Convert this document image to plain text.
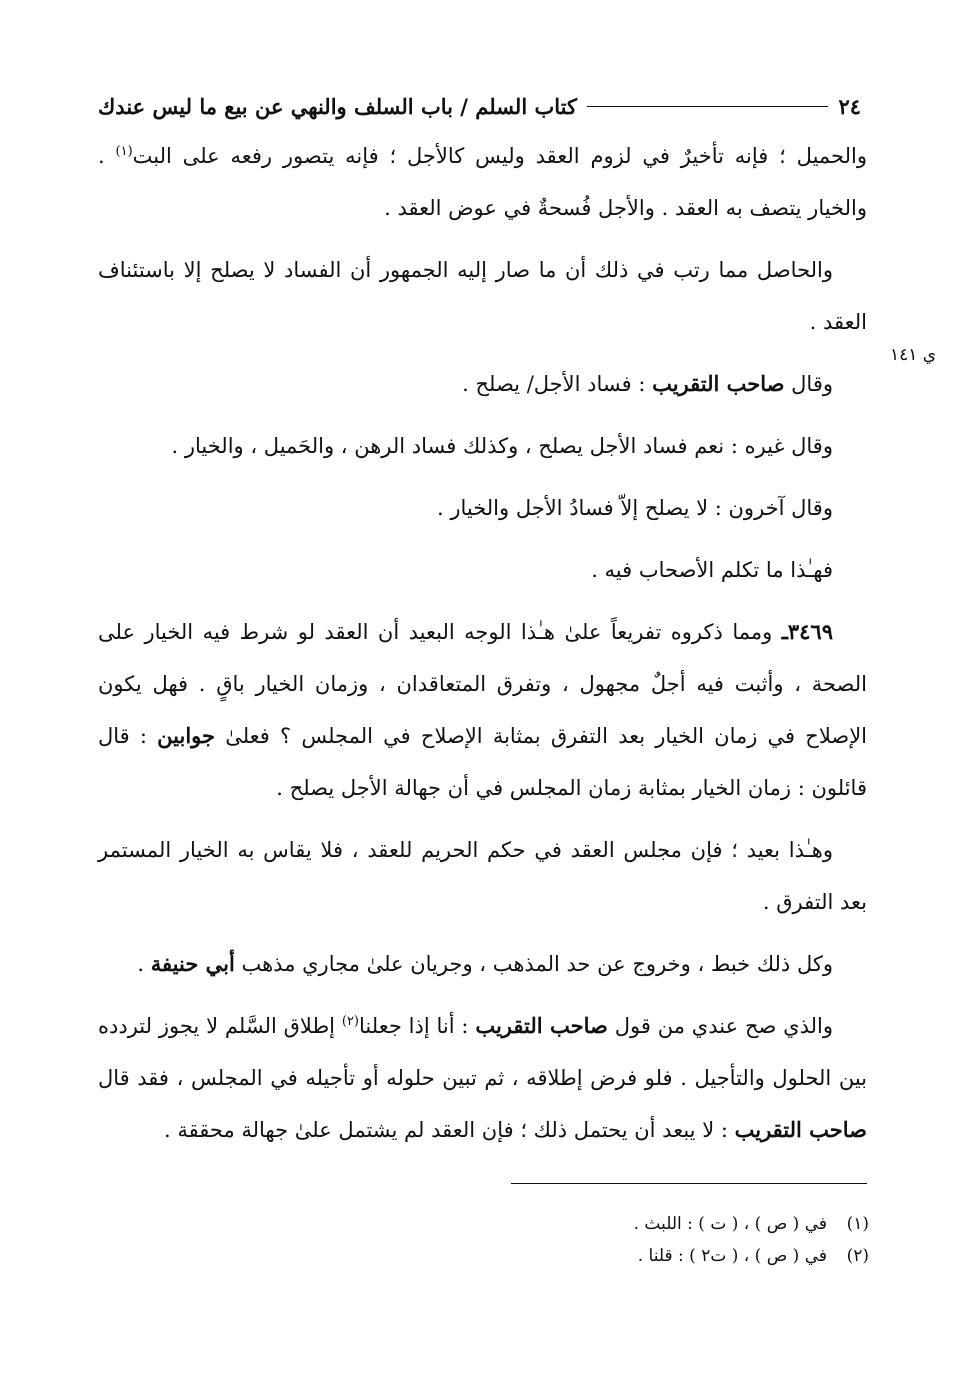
٢٤
كتاب السلم / باب السلف والنهي عن بيع ما ليس عندك
ي ١٤١

والحميل ؛ فإنه تأخيرٌ في لزوم العقد وليس كالأجل ؛ فإنه يتصور رفعه على البت$^{(١)}$ . والخيار يتصف به العقد . والأجل فُسحةٌ في عوض العقد .

والحاصل مما رتب في ذلك أن ما صار إليه الجمهور أن الفساد لا يصلح إلا باستئناف العقد .

وقال صاحب التقريب : فساد الأجل/ يصلح .

وقال غيره : نعم فساد الأجل يصلح ، وكذلك فساد الرهن ، والحَميل ، والخيار .

وقال آخرون : لا يصلح إلاّ فسادُ الأجل والخيار .

فهـٰذا ما تكلم الأصحاب فيه .

٣٤٦٩ـ ومما ذكروه تفريعاً علىٰ هـٰذا الوجه البعيد أن العقد لو شرط فيه الخيار على الصحة ، وأثبت فيه أجلٌ مجهول ، وتفرق المتعاقدان ، وزمان الخيار باقٍ . فهل يكون الإصلاح في زمان الخيار بعد التفرق بمثابة الإصلاح في المجلس ؟ فعلىٰ جوابين : قال قائلون : زمان الخيار بمثابة زمان المجلس في أن جهالة الأجل يصلح .

وهـٰذا بعيد ؛ فإن مجلس العقد في حكم الحريم للعقد ، فلا يقاس به الخيار المستمر بعد التفرق .

وكل ذلك خبط ، وخروج عن حد المذهب ، وجريان علىٰ مجاري مذهب أبي حنيفة .

والذي صح عندي من قول صاحب التقريب : أنا إذا جعلنا$^{(٢)}$ إطلاق السَّلم لا يجوز لتردده بين الحلول والتأجيل . فلو فرض إطلاقه ، ثم تبين حلوله أو تأجيله في المجلس ، فقد قال صاحب التقريب : لا يبعد أن يحتمل ذلك ؛ فإن العقد لم يشتمل علىٰ جهالة محققة .

(١)
في ( ص ) ، ( ت ) : اللبث .
(٢)
في ( ص ) ، ( ت٢ ) : قلنا .
